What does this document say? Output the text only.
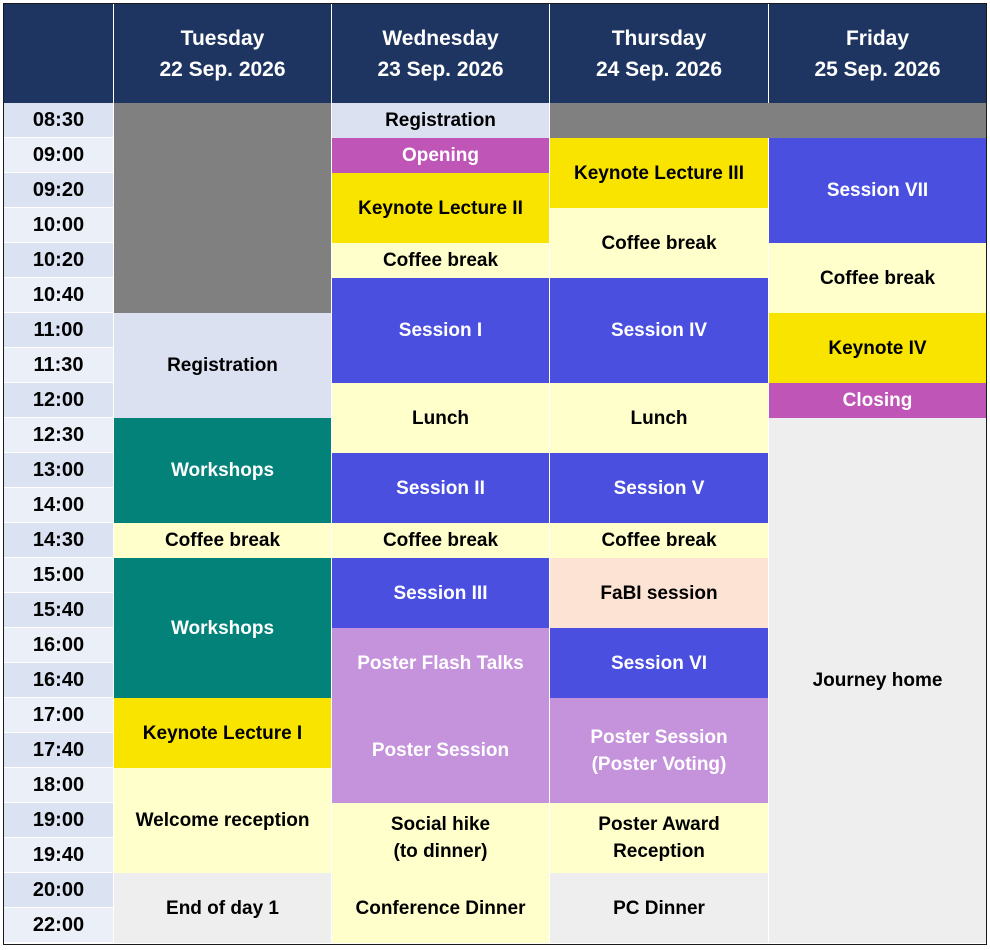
Tuesday
22 Sep. 2026
Wednesday
23 Sep. 2026
Thursday
24 Sep. 2026
Friday
25 Sep. 2026
08:30
09:00
09:20
10:00
10:20
10:40
11:00
11:30
12:00
12:30
13:00
14:00
14:30
15:00
15:40
16:00
16:40
17:00
17:40
18:00
19:00
19:40
20:00
22:00
Registration
Workshops
Coffee break
Workshops
Keynote Lecture I
Welcome reception
End of day 1
Registration
Opening
Keynote Lecture II
Coffee break
Session I
Lunch
Session II
Coffee break
Session III
Poster Flash Talks
Poster Session
Social hike
(to dinner)
Conference Dinner
Keynote Lecture III
Coffee break
Session IV
Lunch
Session V
Coffee break
FaBI session
Session VI
Poster Session
(Poster Voting)
Poster Award
Reception
PC Dinner
Session VII
Coffee break
Keynote IV
Closing
Journey home
